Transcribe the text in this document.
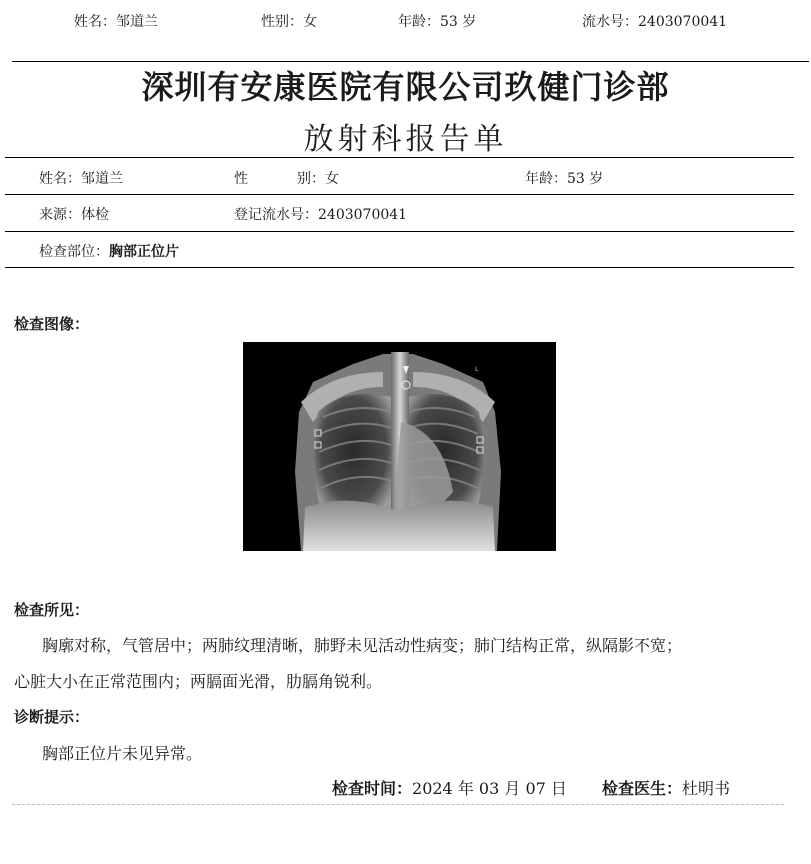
姓名：邹道兰	性别：女	年龄：53 岁	流水号：2403070041
深圳有安康医院有限公司玖健门诊部
放射科报告单
姓名：邹道兰	性	别：女	年龄：53 岁
来源：体检	登记流水号：2403070041
检查部位：胸部正位片
检查图像：
L
检查所见：
胸廓对称，气管居中；两肺纹理清晰，肺野未见活动性病变；肺门结构正常，纵隔影不宽；
心脏大小在正常范围内；两膈面光滑，肋膈角锐利。
诊断提示：
胸部正位片未见异常。
检查时间：2024 年 03 月 07 日 检查医生：杜明书
